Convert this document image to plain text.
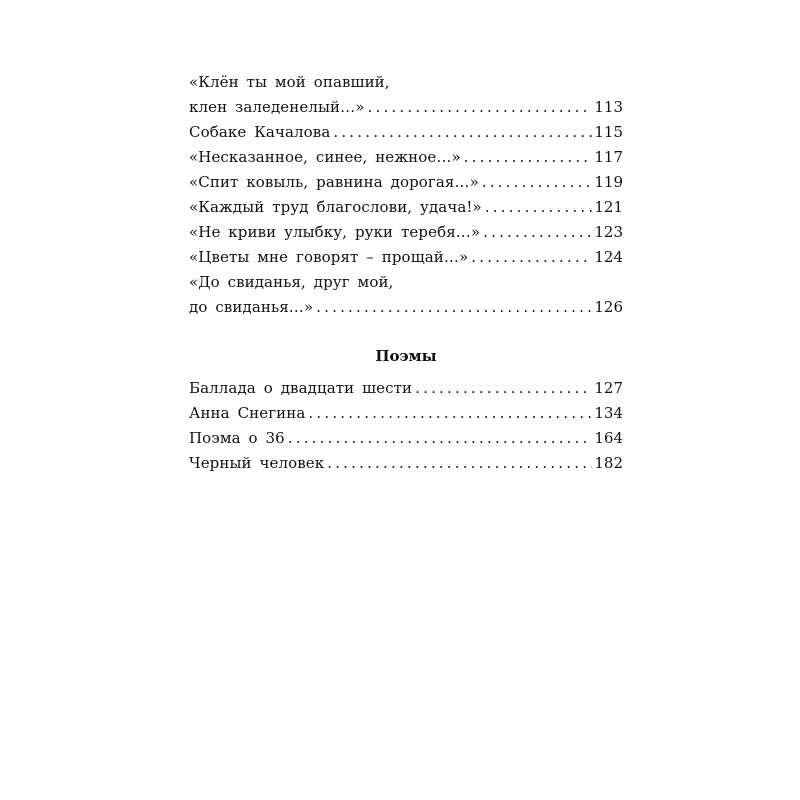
«Клён ты мой опавший,
клен заледенелый…» .....	113
Собаке Качалова .....	115
«Несказанное, синее, нежное…» .....	117
«Спит ковыль, равнина дорогая…» .....	119
«Каждый труд благослови, удача!» .....	121
«Не криви улыбку, руки теребя…» .....	123
«Цветы мне говорят – прощай…» .....	124
«До свиданья, друг мой,
до свиданья…» .....	126
Поэмы
Баллада о двадцати шести .....	127
Анна Снегина .....	134
Поэма о 36 .....	164
Черный человек .....	182
